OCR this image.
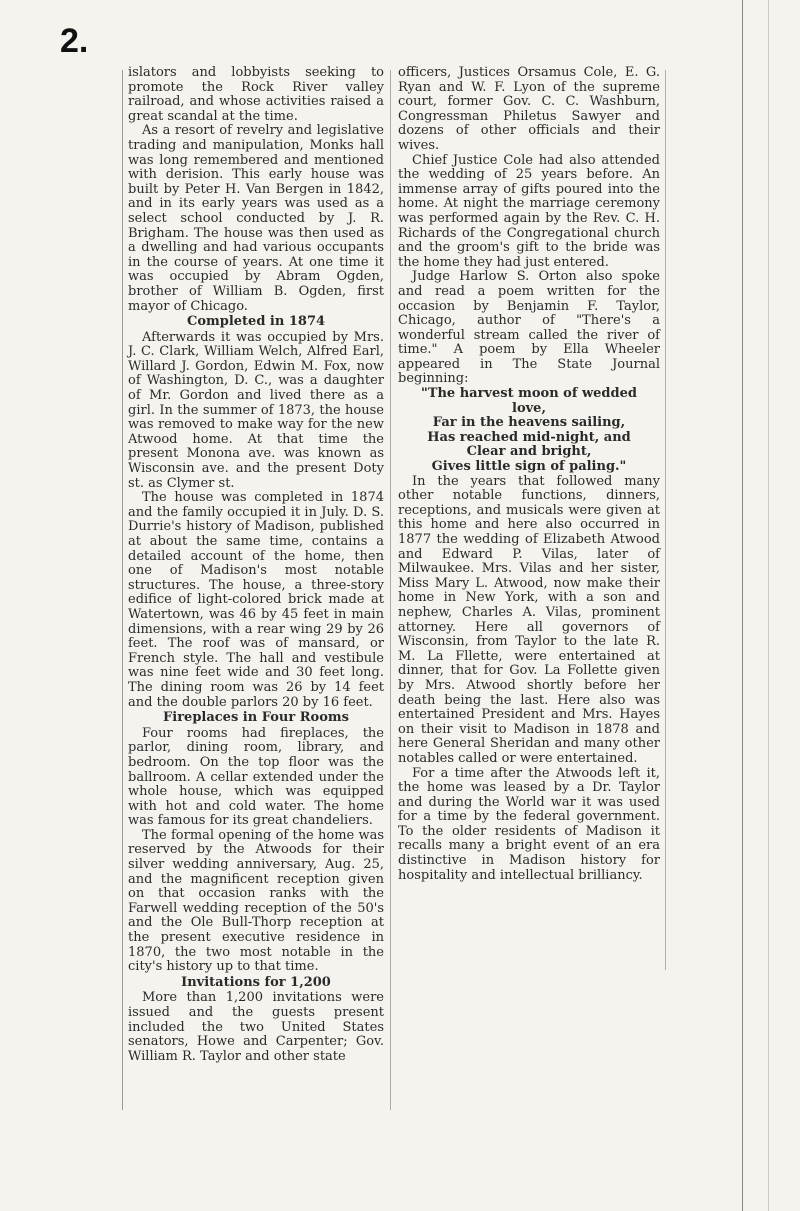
2.

islators and lobbyists seeking to promote the Rock River valley railroad, and whose activities raised a great scandal at the time.

As a resort of revelry and legislative trading and manipulation, Monks hall was long remembered and mentioned with derision. This early house was built by Peter H. Van Bergen in 1842, and in its early years was used as a select school conducted by J. R. Brigham. The house was then used as a dwelling and had various occupants in the course of years. At one time it was occupied by Abram Ogden, brother of William B. Ogden, first mayor of Chicago.

Completed in 1874

Afterwards it was occupied by Mrs. J. C. Clark, William Welch, Alfred Earl, Willard J. Gordon, Edwin M. Fox, now of Washington, D. C., was a daughter of Mr. Gordon and lived there as a girl. In the summer of 1873, the house was removed to make way for the new Atwood home. At that time the present Monona ave. was known as Wisconsin ave. and the present Doty st. as Clymer st.

The house was completed in 1874 and the family occupied it in July. D. S. Durrie's history of Madison, published at about the same time, contains a detailed account of the home, then one of Madison's most notable structures. The house, a three-story edifice of light-colored brick made at Watertown, was 46 by 45 feet in main dimensions, with a rear wing 29 by 26 feet. The roof was of mansard, or French style. The hall and vestibule was nine feet wide and 30 feet long. The dining room was 26 by 14 feet and the double parlors 20 by 16 feet.

Fireplaces in Four Rooms

Four rooms had fireplaces, the parlor, dining room, library, and bedroom. On the top floor was the ballroom. A cellar extended under the whole house, which was equipped with hot and cold water. The home was famous for its great chandeliers.

The formal opening of the home was reserved by the Atwoods for their silver wedding anniversary, Aug. 25, and the magnificent reception given on that occasion ranks with the Farwell wedding reception of the 50's and the Ole Bull-Thorp reception at the present executive residence in 1870, the two most notable in the city's history up to that time.

Invitations for 1,200

More than 1,200 invitations were issued and the guests present included the two United States senators, Howe and Carpenter; Gov. William R. Taylor and other state

officers, Justices Orsamus Cole, E. G. Ryan and W. F. Lyon of the supreme court, former Gov. C. C. Washburn, Congressman Philetus Sawyer and dozens of other officials and their wives.

Chief Justice Cole had also attended the wedding of 25 years before. An immense array of gifts poured into the home. At night the marriage ceremony was performed again by the Rev. C. H. Richards of the Congregational church and the groom's gift to the bride was the home they had just entered.

Judge Harlow S. Orton also spoke and read a poem written for the occasion by Benjamin F. Taylor, Chicago, author of "There's a wonderful stream called the river of time." A poem by Ella Wheeler appeared in The State Journal beginning:

"The harvest moon of wedded
love,
Far in the heavens sailing,
Has reached mid-night, and
Clear and bright,
Gives little sign of paling."

In the years that followed many other notable functions, dinners, receptions, and musicals were given at this home and here also occurred in 1877 the wedding of Elizabeth Atwood and Edward P. Vilas, later of Milwaukee. Mrs. Vilas and her sister, Miss Mary L. Atwood, now make their home in New York, with a son and nephew, Charles A. Vilas, prominent attorney. Here all governors of Wisconsin, from Taylor to the late R. M. La Fllette, were entertained at dinner, that for Gov. La Follette given by Mrs. Atwood shortly before her death being the last. Here also was entertained President and Mrs. Hayes on their visit to Madison in 1878 and here General Sheridan and many other notables called or were entertained.

For a time after the Atwoods left it, the home was leased by a Dr. Taylor and during the World war it was used for a time by the federal government. To the older residents of Madison it recalls many a bright event of an era distinctive in Madison history for hospitality and intellectual brilliancy.
